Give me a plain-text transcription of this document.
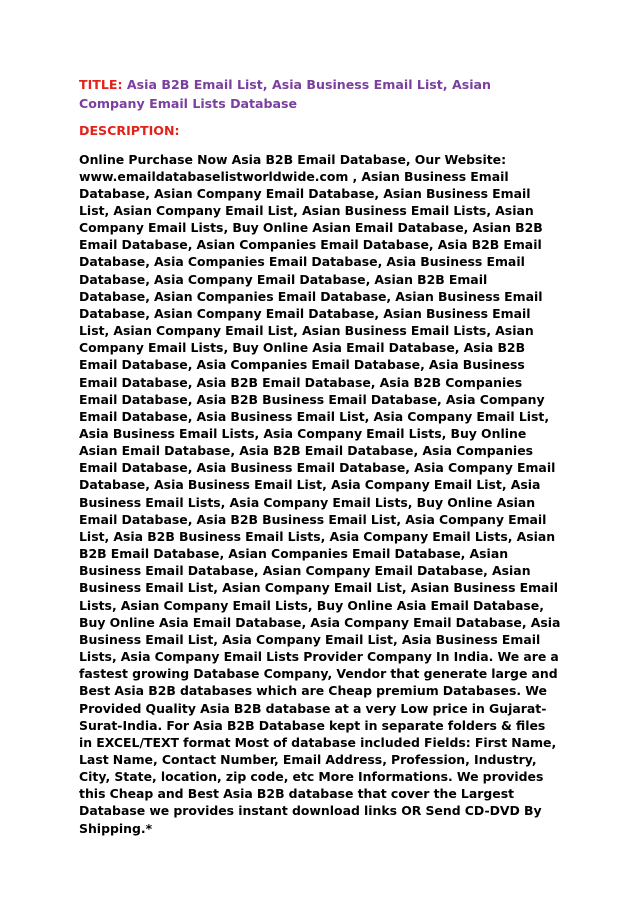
TITLE: Asia B2B Email List, Asia Business Email List, Asian Company Email Lists Database

DESCRIPTION:

Online Purchase Now Asia B2B Email Database, Our Website: www.emaildatabaselistworldwide.com , Asian Business Email Database, Asian Company Email Database, Asian Business Email List, Asian Company Email List, Asian Business Email Lists, Asian Company Email Lists, Buy Online Asian Email Database, Asian B2B Email Database, Asian Companies Email Database, Asia B2B Email Database, Asia Companies Email Database, Asia Business Email Database, Asia Company Email Database, Asian B2B Email Database, Asian Companies Email Database, Asian Business Email Database, Asian Company Email Database, Asian Business Email List, Asian Company Email List, Asian Business Email Lists, Asian Company Email Lists, Buy Online Asia Email Database, Asia B2B Email Database, Asia Companies Email Database, Asia Business Email Database, Asia B2B Email Database, Asia B2B Companies Email Database, Asia B2B Business Email Database, Asia Company Email Database, Asia Business Email List, Asia Company Email List, Asia Business Email Lists, Asia Company Email Lists, Buy Online Asian Email Database, Asia B2B Email Database, Asia Companies Email Database, Asia Business Email Database, Asia Company Email Database, Asia Business Email List, Asia Company Email List, Asia Business Email Lists, Asia Company Email Lists, Buy Online Asian Email Database, Asia B2B Business Email List, Asia Company Email List, Asia B2B Business Email Lists, Asia Company Email Lists, Asian B2B Email Database, Asian Companies Email Database, Asian Business Email Database, Asian Company Email Database, Asian Business Email List, Asian Company Email List, Asian Business Email Lists, Asian Company Email Lists, Buy Online Asia Email Database, Buy Online Asia Email Database, Asia Company Email Database, Asia Business Email List, Asia Company Email List, Asia Business Email Lists, Asia Company Email Lists Provider Company In India. We are a fastest growing Database Company, Vendor that generate large and Best Asia B2B databases which are Cheap premium Databases. We Provided Quality Asia B2B database at a very Low price in Gujarat-Surat-India. For Asia B2B Database kept in separate folders & files in EXCEL/TEXT format Most of database included Fields: First Name, Last Name, Contact Number, Email Address, Profession, Industry, City, State, location, zip code, etc More Informations. We provides this Cheap and Best Asia B2B database that cover the Largest Database we provides instant download links OR Send CD-DVD By Shipping.*
